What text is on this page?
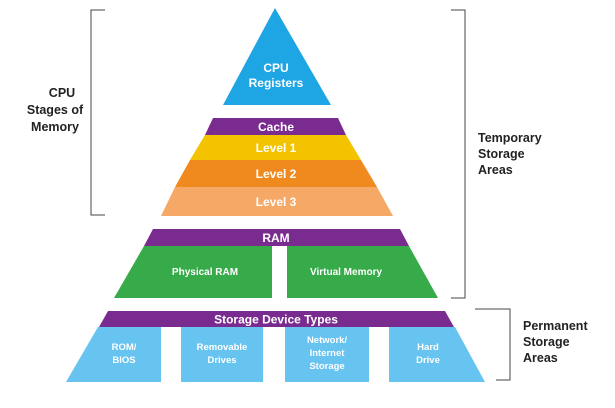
CPU
Registers
Cache
Level 1
Level 2
Level 3
RAM
Physical RAM	Virtual Memory
Storage Device Types
ROM/
BIOS
Removable
Drives
Network/
Internet
Storage
Hard
Drive
CPU
Stages of
Memory
Temporary
Storage
Areas
Permanent
Storage
Areas
